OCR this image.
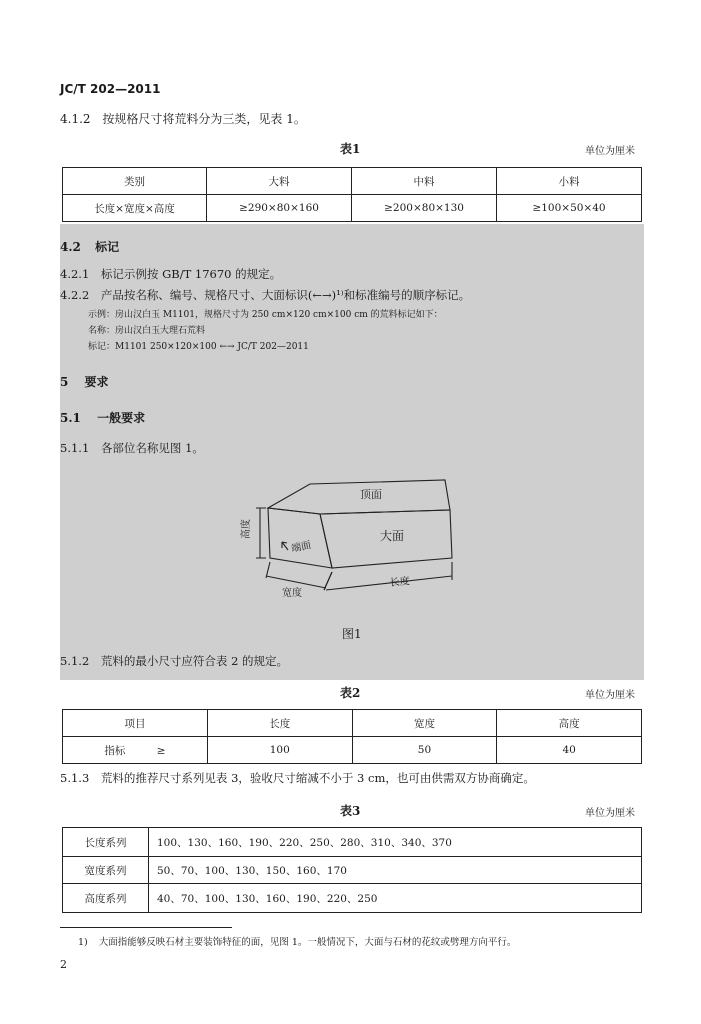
JC/T 202—2011
4.1.2 按规格尺寸将荒料分为三类，见表 1。
表1	单位为厘米
类别	大料	中料	小料
长度×宽度×高度	≥290×80×160	≥200×80×130	≥100×50×40
4.2 标记
4.2.1 标记示例按 GB/T 17670 的规定。
4.2.2 产品按名称、编号、规格尺寸、大面标识(←→)¹⁾和标准编号的顺序标记。
示例：房山汉白玉 M1101，规格尺寸为 250 cm×120 cm×100 cm 的荒料标记如下：
名称：房山汉白玉大理石荒料
标记：M1101 250×120×100 ←→ JC/T 202—2011
5 要求
5.1 一般要求
5.1.1 各部位名称见图 1。
顶面
大面
端面
高度
宽度
长度
图1
5.1.2 荒料的最小尺寸应符合表 2 的规定。
表2	单位为厘米
项目	长度	宽度	高度
指标 ≥	100	50	40
5.1.3 荒料的推荐尺寸系列见表 3，验收尺寸缩减不小于 3 cm，也可由供需双方协商确定。
表3	单位为厘米
长度系列	100、130、160、190、220、250、280、310、340、370
宽度系列	50、70、100、130、150、160、170
高度系列	40、70、100、130、160、190、220、250
1) 大面指能够反映石材主要装饰特征的面，见图 1。一般情况下，大面与石材的花纹或劈理方向平行。
2
